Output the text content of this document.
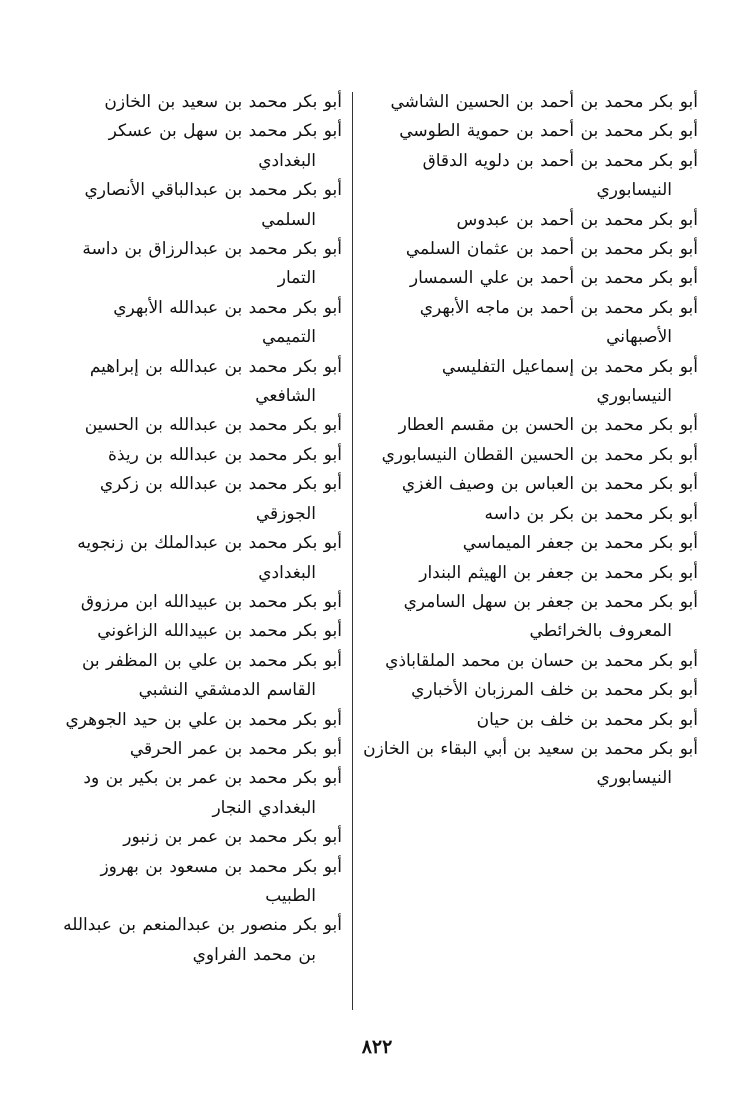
أبو بكر محمد بن أحمد بن الحسين الشاشي

أبو بكر محمد بن أحمد بن حموية الطوسي

أبو بكر محمد بن أحمد بن دلويه الدقاق النيسابوري

أبو بكر محمد بن أحمد بن عبدوس

أبو بكر محمد بن أحمد بن عثمان السلمي

أبو بكر محمد بن أحمد بن علي السمسار

أبو بكر محمد بن أحمد بن ماجه الأبهري الأصبهاني

أبو بكر محمد بن إسماعيل التفليسي النيسابوري

أبو بكر محمد بن الحسن بن مقسم العطار

أبو بكر محمد بن الحسين القطان النيسابوري

أبو بكر محمد بن العباس بن وصيف الغزي

أبو بكر محمد بن بكر بن داسه

أبو بكر محمد بن جعفر الميماسي

أبو بكر محمد بن جعفر بن الهيثم البندار

أبو بكر محمد بن جعفر بن سهل السامري المعروف بالخرائطي

أبو بكر محمد بن حسان بن محمد الملقاباذي

أبو بكر محمد بن خلف المرزبان الأخباري

أبو بكر محمد بن خلف بن حيان

أبو بكر محمد بن سعيد بن أبي البقاء بن الخازن النيسابوري

أبو بكر محمد بن سعيد بن الخازن

أبو بكر محمد بن سهل بن عسكر البغدادي

أبو بكر محمد بن عبدالباقي الأنصاري السلمي

أبو بكر محمد بن عبدالرزاق بن داسة التمار

أبو بكر محمد بن عبدالله الأبهري التميمي

أبو بكر محمد بن عبدالله بن إبراهيم الشافعي

أبو بكر محمد بن عبدالله بن الحسين

أبو بكر محمد بن عبدالله بن ريذة

أبو بكر محمد بن عبدالله بن زكري الجوزقي

أبو بكر محمد بن عبدالملك بن زنجويه البغدادي

أبو بكر محمد بن عبيدالله ابن مرزوق

أبو بكر محمد بن عبيدالله الزاغوني

أبو بكر محمد بن علي بن المظفر بن القاسم الدمشقي النشبي

أبو بكر محمد بن علي بن حيد الجوهري

أبو بكر محمد بن عمر الحرقي

أبو بكر محمد بن عمر بن بكير بن ود البغدادي النجار

أبو بكر محمد بن عمر بن زنبور

أبو بكر محمد بن مسعود بن بهروز الطبيب

أبو بكر منصور بن عبدالمنعم بن عبدالله بن محمد الفراوي

٨٢٢
